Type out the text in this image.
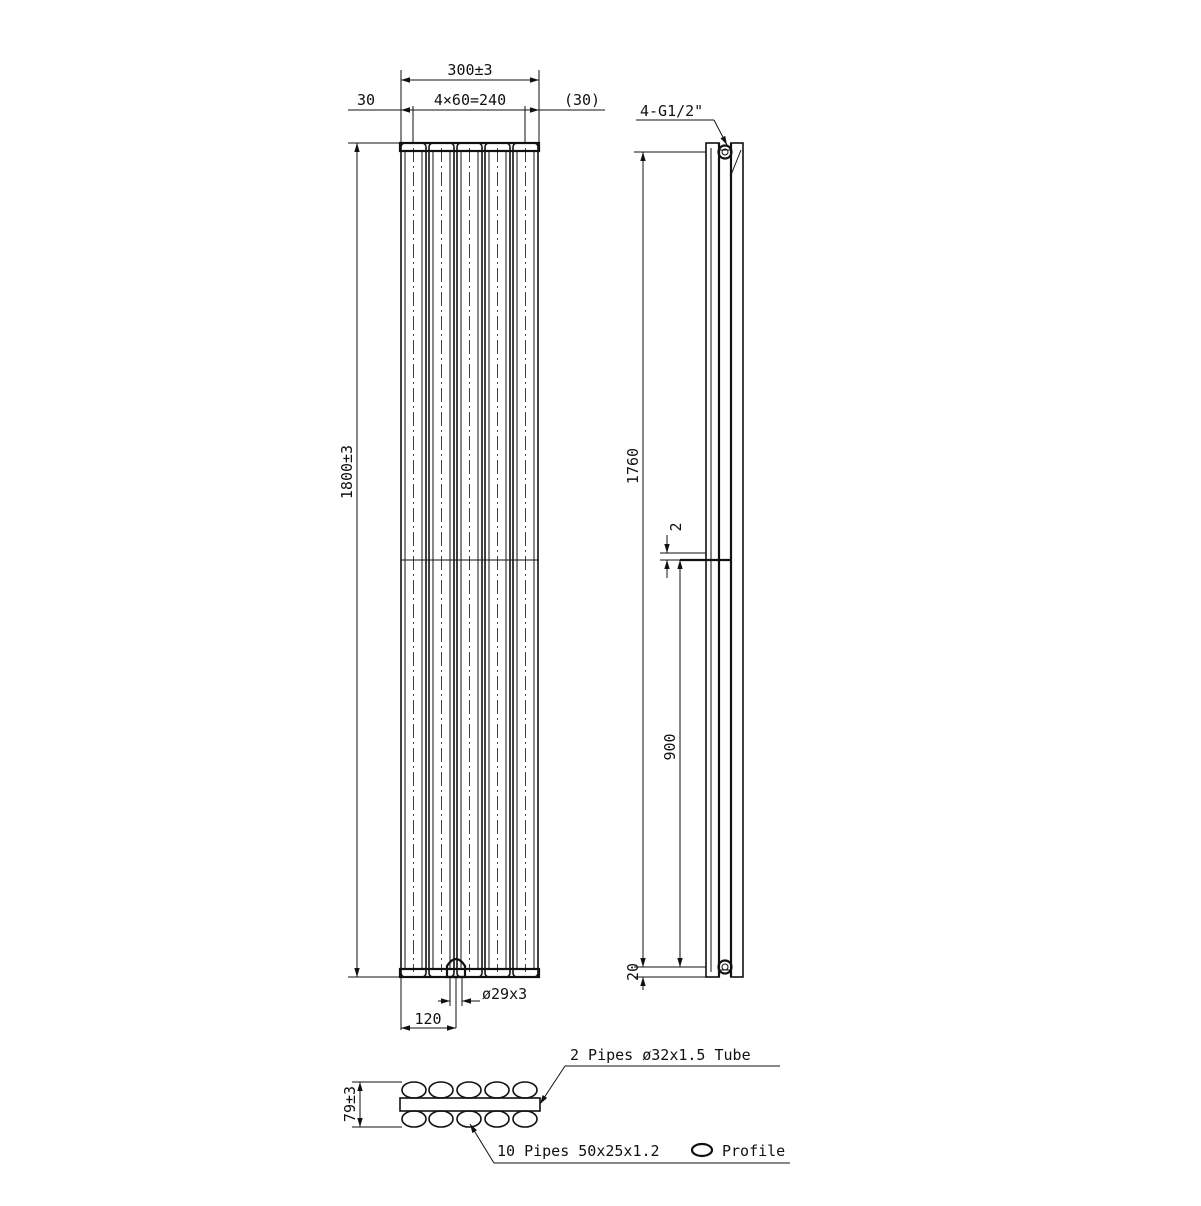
300±3
30	4×60=240	(30)
1800±3
120
ø29x3
4-G1/2"
1760
900
2
20
79±3
2 Pipes ø32x1.5 Tube
10 Pipes 50x25x1.2	Profile
